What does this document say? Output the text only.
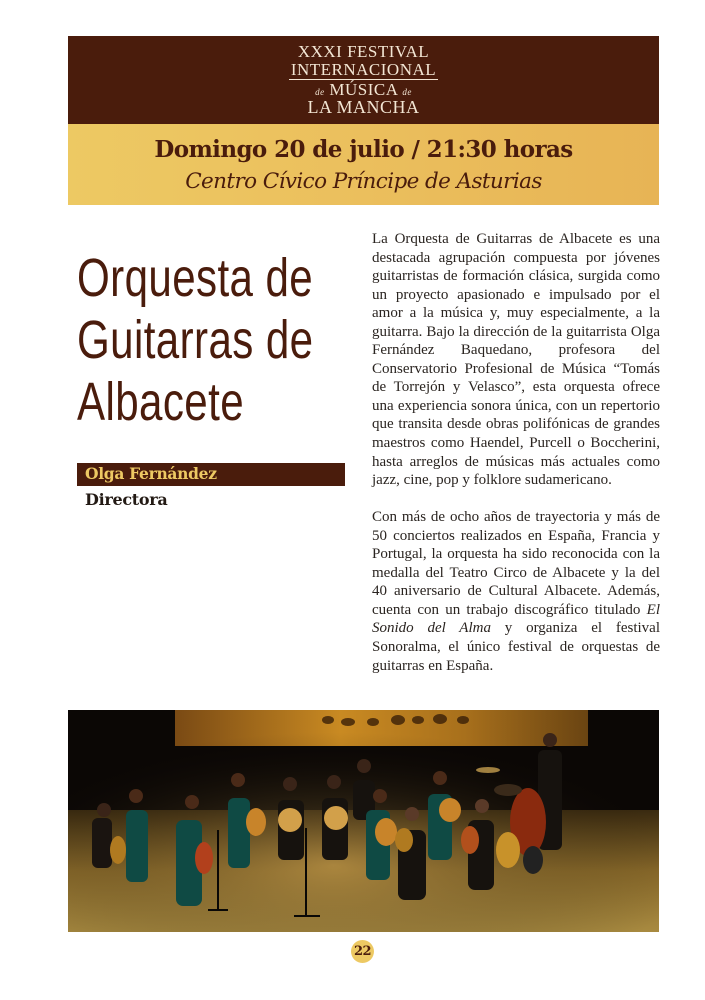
XXXI FESTIVAL
INTERNACIONAL
de MÚSICA de
LA MANCHA
Domingo 20 de julio / 21:30 horas
Centro Cívico Príncipe de Asturias
Orquesta de
Guitarras de
Albacete
Olga Fernández
Directora

La Orquesta de Guitarras de Albacete es una destacada agrupación compuesta por jóvenes guitarristas de formación clásica, surgida como un proyecto apasionado e impulsado por el amor a la música y, muy especialmente, a la guitarra. Bajo la dirección de la guitarrista Olga Fernández Baquedano, profesora del Conservatorio Profesional de Música “Tomás de Torrejón y Velasco”, esta orquesta ofrece una experiencia sonora única, con un repertorio que transita desde obras polifónicas de grandes maestros como Haendel, Purcell o Boccherini, hasta arreglos de músicas más actuales como jazz, cine, pop y folklore sudamericano.

Con más de ocho años de trayectoria y más de 50 conciertos realizados en España, Francia y Portugal, la orquesta ha sido reconocida con la medalla del Teatro Circo de Albacete y la del 40 aniversario de Cultural Albacete. Además, cuenta con un trabajo discográfico titulado El Sonido del Alma y organiza el festival Sonoralma, el único festival de orquestas de guitarras en España.

22
